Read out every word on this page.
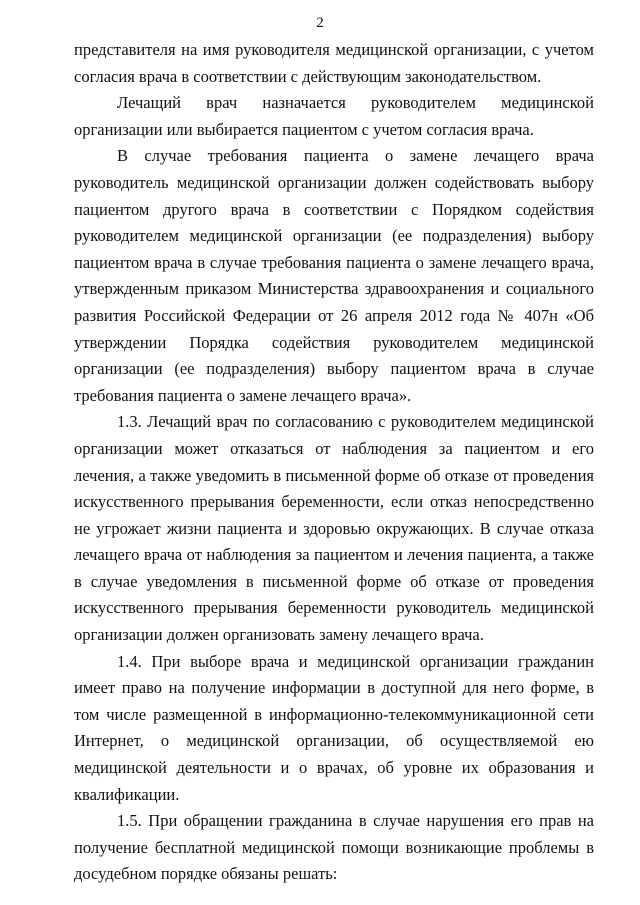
2

представителя на имя руководителя медицинской организации, с учетом согласия врача в соответствии с действующим законодательством.

Лечащий врач назначается руководителем медицинской организации или выбирается пациентом с учетом согласия врача.

В случае требования пациента о замене лечащего врача руководитель медицинской организации должен содействовать выбору пациентом другого врача в соответствии с Порядком содействия руководителем медицинской организации (ее подразделения) выбору пациентом врача в случае требования пациента о замене лечащего врача, утвержденным приказом Министерства здравоохранения и социального развития Российской Федерации от 26 апреля 2012 года № 407н «Об утверждении Порядка содействия руководителем медицинской организации (ее подразделения) выбору пациентом врача в случае требования пациента о замене лечащего врача».

1.3. Лечащий врач по согласованию с руководителем медицинской организации может отказаться от наблюдения за пациентом и его лечения, а также уведомить в письменной форме об отказе от проведения искусственного прерывания беременности, если отказ непосредственно не угрожает жизни пациента и здоровью окружающих. В случае отказа лечащего врача от наблюдения за пациентом и лечения пациента, а также в случае уведомления в письменной форме об отказе от проведения искусственного прерывания беременности руководитель медицинской организации должен организовать замену лечащего врача.

1.4. При выборе врача и медицинской организации гражданин имеет право на получение информации в доступной для него форме, в том числе размещенной в информационно-телекоммуникационной сети Интернет, о медицинской организации, об осуществляемой ею медицинской деятельности и о врачах, об уровне их образования и квалификации.

1.5. При обращении гражданина в случае нарушения его прав на получение бесплатной медицинской помощи возникающие проблемы в досудебном порядке обязаны решать:
